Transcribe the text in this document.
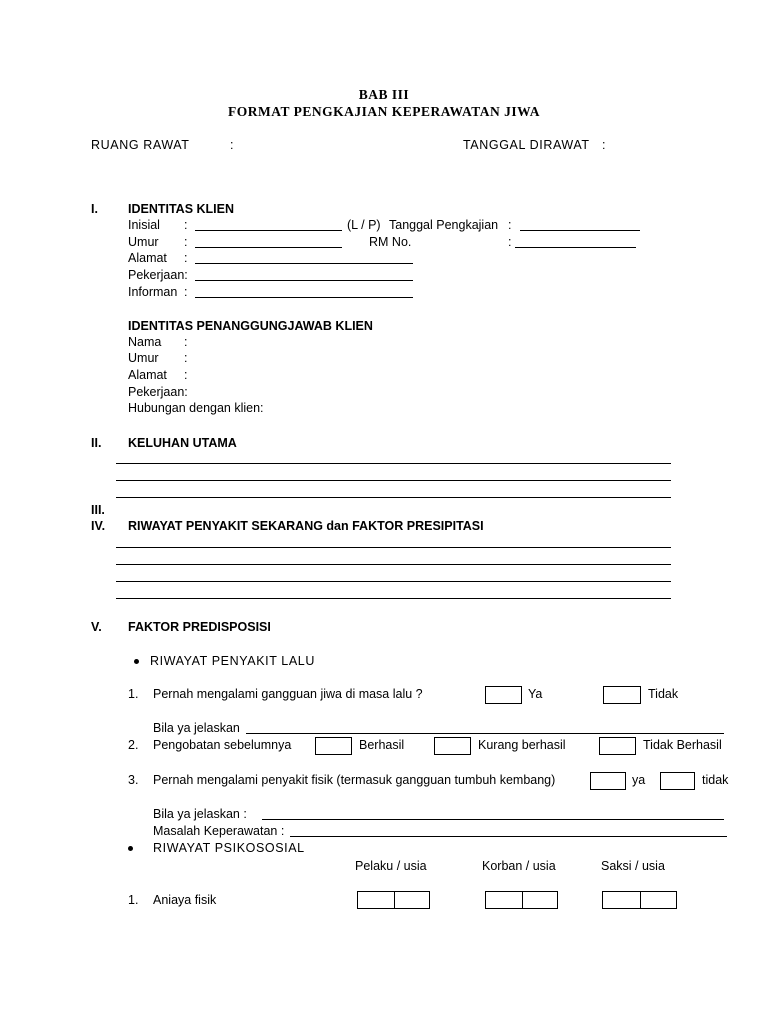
BAB III
FORMAT PENGKAJIAN KEPERAWATAN JIWA
RUANG RAWAT	:	TANGGAL DIRAWAT :
I. IDENTITAS KLIEN
Inisial :	(L / P) Tanggal Pengkajian :
Umur :	RM No.	:
Alamat :
Pekerjaan:
Informan :
IDENTITAS PENANGGUNGJAWAB KLIEN
Nama :
Umur :
Alamat :
Pekerjaan:
Hubungan dengan klien:
II. KELUHAN UTAMA
III.
IV. RIWAYAT PENYAKIT SEKARANG dan FAKTOR PRESIPITASI
V. FAKTOR PREDISPOSISI
RIWAYAT PENYAKIT LALU
1. Pernah mengalami gangguan jiwa di masa lalu ?	Ya	Tidak
Bila ya jelaskan
2. Pengobatan sebelumnya	Berhasil	Kurang berhasil	Tidak Berhasil
3. Pernah mengalami penyakit fisik (termasuk gangguan tumbuh kembang)	ya	tidak
Bila ya jelaskan :
Masalah Keperawatan :
RIWAYAT PSIKOSOSIAL
Pelaku / usia	Korban / usia	Saksi / usia
1. Aniaya fisik
